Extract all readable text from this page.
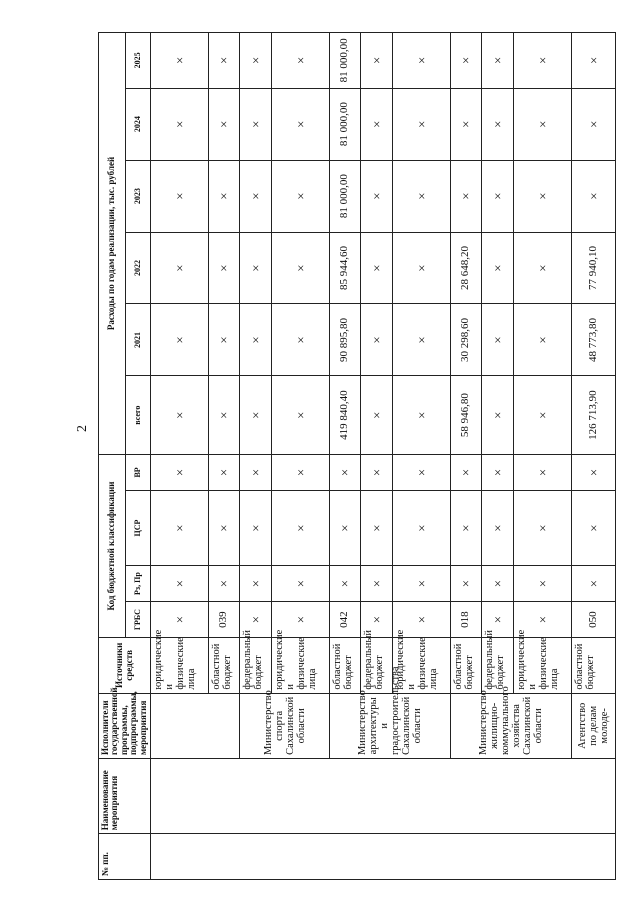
2
№ пп.	Наименование мероприятия	Исполнители государственной программы, подпрограммы, мероприятия	Источники средств	Код бюджетной классификации				Расходы по годам реализации, тыс. рублей					
				ГРБС	Рз, Пр	ЦСР	ВР	всего	2021	2022	2023	2024	2025
			юридические и физические лица	×	×	×	×	×	×	×	×	×	×
			областной бюджет	039	×	×	×	×	×	×	×	×	×
		Министерство спорта Сахалинской области	федеральный бюджет	×	×	×	×	×	×	×	×	×	×
			юридические и физические лица	×	×	×	×	×	×	×	×	×	×
		Министерство архитектуры и градостроительства Сахалинской области	областной бюджет	042	×	×	×	419 840,40	90 895,80	85 944,60	81 000,00	81 000,00	81 000,00
			федеральный бюджет	×	×	×	×	×	×	×	×	×	×
			юридические и физические лица	×	×	×	×	×	×	×	×	×	×
		Министерство жилищно-коммунального хозяйства Сахалинской области	областной бюджет	018	×	×	×	58 946,80	30 298,60	28 648,20	×	×	×
			федеральный бюджет	×	×	×	×	×	×	×	×	×	×
			юридические и физические лица	×	×	×	×	×	×	×	×	×	×
		Агентство по делам молоде-	областной бюджет	050	×	×	×	126 713,90	48 773,80	77 940,10	×	×	×
